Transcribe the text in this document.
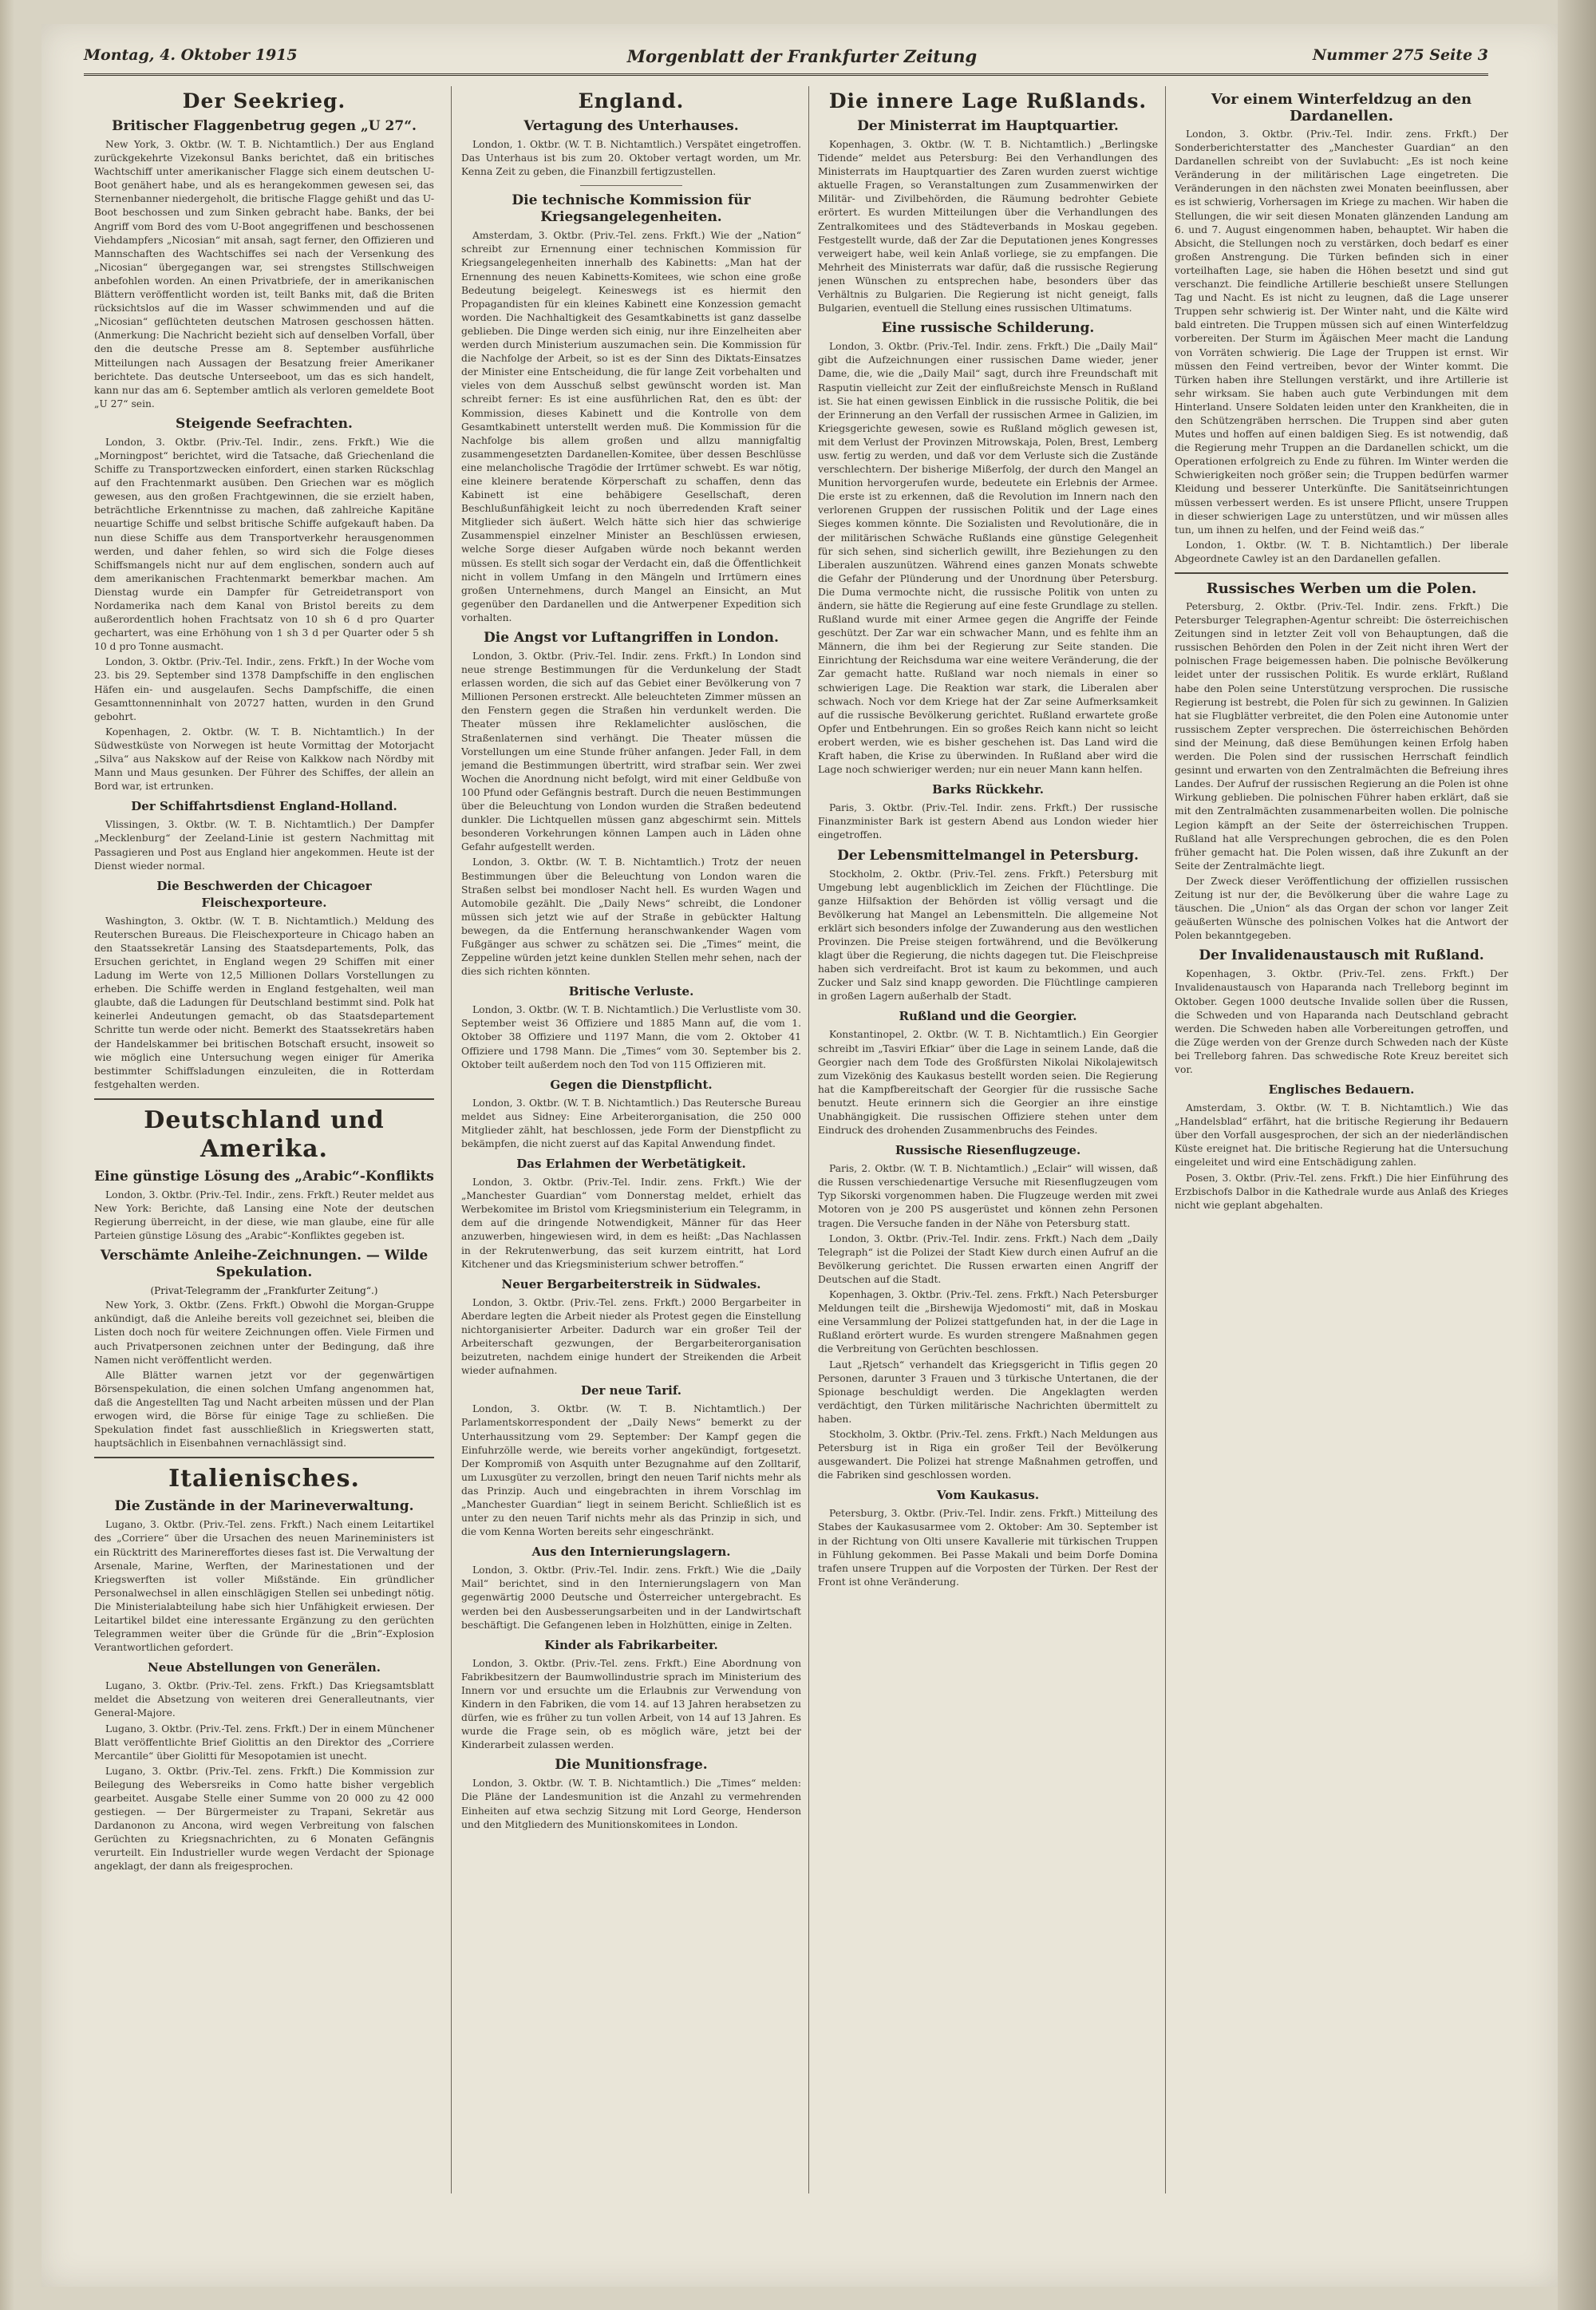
Montag, 4. Oktober 1915	Morgenblatt der Frankfurter Zeitung	Nummer 275 Seite 3
Der Seekrieg.
Britischer Flaggenbetrug gegen „U 27“.

New York, 3. Oktbr. (W. T. B. Nichtamtlich.) Der aus England zurückgekehrte Vizekonsul Banks berichtet, daß ein britisches Wachtschiff unter amerikanischer Flagge sich einem deutschen U-Boot genähert habe, und als es herangekommen gewesen sei, das Sternenbanner niedergeholt, die britische Flagge gehißt und das U-Boot beschossen und zum Sinken gebracht habe. Banks, der bei Angriff vom Bord des vom U-Boot angegriffenen und beschossenen Viehdampfers „Nicosian“ mit ansah, sagt ferner, den Offizieren und Mannschaften des Wachtschiffes sei nach der Versenkung des „Nicosian“ übergegangen war, sei strengstes Stillschweigen anbefohlen worden. An einen Privatbriefe, der in amerikanischen Blättern veröffentlicht worden ist, teilt Banks mit, daß die Briten rücksichtslos auf die im Wasser schwimmenden und auf die „Nicosian“ geflüchteten deutschen Matrosen geschossen hätten. (Anmerkung: Die Nachricht bezieht sich auf denselben Vorfall, über den die deutsche Presse am 8. September ausführliche Mitteilungen nach Aussagen der Besatzung freier Amerikaner berichtete. Das deutsche Unterseeboot, um das es sich handelt, kann nur das am 6. September amtlich als verloren gemeldete Boot „U 27“ sein.

Steigende Seefrachten.

London, 3. Oktbr. (Priv.-Tel. Indir., zens. Frkft.) Wie die „Morningpost“ berichtet, wird die Tatsache, daß Griechenland die Schiffe zu Transportzwecken einfordert, einen starken Rückschlag auf den Frachtenmarkt ausüben. Den Griechen war es möglich gewesen, aus den großen Frachtgewinnen, die sie erzielt haben, beträchtliche Erkenntnisse zu machen, daß zahlreiche Kapitäne neuartige Schiffe und selbst britische Schiffe aufgekauft haben. Da nun diese Schiffe aus dem Transportverkehr herausgenommen werden, und daher fehlen, so wird sich die Folge dieses Schiffsmangels nicht nur auf dem englischen, sondern auch auf dem amerikanischen Frachtenmarkt bemerkbar machen. Am Dienstag wurde ein Dampfer für Getreidetransport von Nordamerika nach dem Kanal von Bristol bereits zu dem außerordentlich hohen Frachtsatz von 10 sh 6 d pro Quarter gechartert, was eine Erhöhung von 1 sh 3 d per Quarter oder 5 sh 10 d pro Tonne ausmacht.

London, 3. Oktbr. (Priv.-Tel. Indir., zens. Frkft.) In der Woche vom 23. bis 29. September sind 1378 Dampfschiffe in den englischen Häfen ein- und ausgelaufen. Sechs Dampfschiffe, die einen Gesamttonnenninhalt von 20727 hatten, wurden in den Grund gebohrt.

Kopenhagen, 2. Oktbr. (W. T. B. Nichtamtlich.) In der Südwestküste von Norwegen ist heute Vormittag der Motorjacht „Silva“ aus Nakskow auf der Reise von Kalkkow nach Nördby mit Mann und Maus gesunken. Der Führer des Schiffes, der allein an Bord war, ist ertrunken.

Der Schiffahrtsdienst England-Holland.

Vlissingen, 3. Oktbr. (W. T. B. Nichtamtlich.) Der Dampfer „Mecklenburg“ der Zeeland-Linie ist gestern Nachmittag mit Passagieren und Post aus England hier angekommen. Heute ist der Dienst wieder normal.

Die Beschwerden der Chicagoer Fleischexporteure.

Washington, 3. Oktbr. (W. T. B. Nichtamtlich.) Meldung des Reuterschen Bureaus. Die Fleischexporteure in Chicago haben an den Staatssekretär Lansing des Staatsdepartements, Polk, das Ersuchen gerichtet, in England wegen 29 Schiffen mit einer Ladung im Werte von 12,5 Millionen Dollars Vorstellungen zu erheben. Die Schiffe werden in England festgehalten, weil man glaubte, daß die Ladungen für Deutschland bestimmt sind. Polk hat keinerlei Andeutungen gemacht, ob das Staatsdepartement Schritte tun werde oder nicht. Bemerkt des Staatssekretärs haben der Handelskammer bei britischen Botschaft ersucht, insoweit so wie möglich eine Untersuchung wegen einiger für Amerika bestimmter Schiffsladungen einzuleiten, die in Rotterdam festgehalten werden.

Deutschland und Amerika.
Eine günstige Lösung des „Arabic“-Konflikts

London, 3. Oktbr. (Priv.-Tel. Indir., zens. Frkft.) Reuter meldet aus New York: Berichte, daß Lansing eine Note der deutschen Regierung überreicht, in der diese, wie man glaube, eine für alle Parteien günstige Lösung des „Arabic“-Konfliktes gegeben ist.

Verschämte Anleihe-Zeichnungen. — Wilde Spekulation.
(Privat-Telegramm der „Frankfurter Zeitung“.)

New York, 3. Oktbr. (Zens. Frkft.) Obwohl die Morgan-Gruppe ankündigt, daß die Anleihe bereits voll gezeichnet sei, bleiben die Listen doch noch für weitere Zeichnungen offen. Viele Firmen und auch Privatpersonen zeichnen unter der Bedingung, daß ihre Namen nicht veröffentlicht werden.

Alle Blätter warnen jetzt vor der gegenwärtigen Börsenspekulation, die einen solchen Umfang angenommen hat, daß die Angestellten Tag und Nacht arbeiten müssen und der Plan erwogen wird, die Börse für einige Tage zu schließen. Die Spekulation findet fast ausschließlich in Kriegswerten statt, hauptsächlich in Eisenbahnen vernachlässigt sind.

Italienisches.
Die Zustände in der Marineverwaltung.

Lugano, 3. Oktbr. (Priv.-Tel. zens. Frkft.) Nach einem Leitartikel des „Corriere“ über die Ursachen des neuen Marineministers ist ein Rücktritt des Marinereffortes dieses fast ist. Die Verwaltung der Arsenale, Marine, Werften, der Marinestationen und der Kriegswerften ist voller Mißstände. Ein gründlicher Personalwechsel in allen einschlägigen Stellen sei unbedingt nötig. Die Ministerialabteilung habe sich hier Unfähigkeit erwiesen. Der Leitartikel bildet eine interessante Ergänzung zu den gerüchten Telegrammen weiter über die Gründe für die „Brin“-Explosion Verantwortlichen gefordert.

Neue Abstellungen von Generälen.

Lugano, 3. Oktbr. (Priv.-Tel. zens. Frkft.) Das Kriegsamtsblatt meldet die Absetzung von weiteren drei Generalleutnants, vier General-Majore.

Lugano, 3. Oktbr. (Priv.-Tel. zens. Frkft.) Der in einem Münchener Blatt veröffentlichte Brief Giolittis an den Direktor des „Corriere Mercantile“ über Giolitti für Mesopotamien ist unecht.

Lugano, 3. Oktbr. (Priv.-Tel. zens. Frkft.) Die Kommission zur Beilegung des Webersreiks in Como hatte bisher vergeblich gearbeitet. Ausgabe Stelle einer Summe von 20 000 zu 42 000 gestiegen. — Der Bürgermeister zu Trapani, Sekretär aus Dardanonon zu Ancona, wird wegen Verbreitung von falschen Gerüchten zu Kriegsnachrichten, zu 6 Monaten Gefängnis verurteilt. Ein Industrieller wurde wegen Verdacht der Spionage angeklagt, der dann als freigesprochen.

England.
Vertagung des Unterhauses.

London, 1. Oktbr. (W. T. B. Nichtamtlich.) Verspätet eingetroffen. Das Unterhaus ist bis zum 20. Oktober vertagt worden, um Mr. Kenna Zeit zu geben, die Finanzbill fertigzustellen.

Die technische Kommission für Kriegsangelegenheiten.

Amsterdam, 3. Oktbr. (Priv.-Tel. zens. Frkft.) Wie der „Nation“ schreibt zur Ernennung einer technischen Kommission für Kriegsangelegenheiten innerhalb des Kabinetts: „Man hat der Ernennung des neuen Kabinetts-Komitees, wie schon eine große Bedeutung beigelegt. Keineswegs ist es hiermit den Propagandisten für ein kleines Kabinett eine Konzession gemacht worden. Die Nachhaltigkeit des Gesamtkabinetts ist ganz dasselbe geblieben. Die Dinge werden sich einig, nur ihre Einzelheiten aber werden durch Ministerium auszumachen sein. Die Kommission für die Nachfolge der Arbeit, so ist es der Sinn des Diktats-Einsatzes der Minister eine Entscheidung, die für lange Zeit vorbehalten und vieles von dem Ausschuß selbst gewünscht worden ist. Man schreibt ferner: Es ist eine ausführlichen Rat, den es übt: der Kommission, dieses Kabinett und die Kontrolle von dem Gesamtkabinett unterstellt werden muß. Die Kommission für die Nachfolge bis allem großen und allzu mannigfaltig zusammengesetzten Dardanellen-Komitee, über dessen Beschlüsse eine melancholische Tragödie der Irrtümer schwebt. Es war nötig, eine kleinere beratende Körperschaft zu schaffen, denn das Kabinett ist eine behäbigere Gesellschaft, deren Beschlußunfähigkeit leicht zu noch überredenden Kraft seiner Mitglieder sich äußert. Welch hätte sich hier das schwierige Zusammenspiel einzelner Minister an Beschlüssen erwiesen, welche Sorge dieser Aufgaben würde noch bekannt werden müssen. Es stellt sich sogar der Verdacht ein, daß die Öffentlichkeit nicht in vollem Umfang in den Mängeln und Irrtümern eines großen Unternehmens, durch Mangel an Einsicht, an Mut gegenüber den Dardanellen und die Antwerpener Expedition sich vorhalten.

Die Angst vor Luftangriffen in London.

London, 3. Oktbr. (Priv.-Tel. Indir. zens. Frkft.) In London sind neue strenge Bestimmungen für die Verdunkelung der Stadt erlassen worden, die sich auf das Gebiet einer Bevölkerung von 7 Millionen Personen erstreckt. Alle beleuchteten Zimmer müssen an den Fenstern gegen die Straßen hin verdunkelt werden. Die Theater müssen ihre Reklamelichter auslöschen, die Straßenlaternen sind verhängt. Die Theater müssen die Vorstellungen um eine Stunde früher anfangen. Jeder Fall, in dem jemand die Bestimmungen übertritt, wird strafbar sein. Wer zwei Wochen die Anordnung nicht befolgt, wird mit einer Geldbuße von 100 Pfund oder Gefängnis bestraft. Durch die neuen Bestimmungen über die Beleuchtung von London wurden die Straßen bedeutend dunkler. Die Lichtquellen müssen ganz abgeschirmt sein. Mittels besonderen Vorkehrungen können Lampen auch in Läden ohne Gefahr aufgestellt werden.

London, 3. Oktbr. (W. T. B. Nichtamtlich.) Trotz der neuen Bestimmungen über die Beleuchtung von London waren die Straßen selbst bei mondloser Nacht hell. Es wurden Wagen und Automobile gezählt. Die „Daily News“ schreibt, die Londoner müssen sich jetzt wie auf der Straße in gebückter Haltung bewegen, da die Entfernung heranschwankender Wagen vom Fußgänger aus schwer zu schätzen sei. Die „Times“ meint, die Zeppeline würden jetzt keine dunklen Stellen mehr sehen, nach der dies sich richten könnten.

Britische Verluste.

London, 3. Oktbr. (W. T. B. Nichtamtlich.) Die Verlustliste vom 30. September weist 36 Offiziere und 1885 Mann auf, die vom 1. Oktober 38 Offiziere und 1197 Mann, die vom 2. Oktober 41 Offiziere und 1798 Mann. Die „Times“ vom 30. September bis 2. Oktober teilt außerdem noch den Tod von 115 Offizieren mit.

Gegen die Dienstpflicht.

London, 3. Oktbr. (W. T. B. Nichtamtlich.) Das Reutersche Bureau meldet aus Sidney: Eine Arbeiterorganisation, die 250 000 Mitglieder zählt, hat beschlossen, jede Form der Dienstpflicht zu bekämpfen, die nicht zuerst auf das Kapital Anwendung findet.

Das Erlahmen der Werbetätigkeit.

London, 3. Oktbr. (Priv.-Tel. Indir. zens. Frkft.) Wie der „Manchester Guardian“ vom Donnerstag meldet, erhielt das Werbekomitee im Bristol vom Kriegsministerium ein Telegramm, in dem auf die dringende Notwendigkeit, Männer für das Heer anzuwerben, hingewiesen wird, in dem es heißt: „Das Nachlassen in der Rekrutenwerbung, das seit kurzem eintritt, hat Lord Kitchener und das Kriegsministerium schwer betroffen.“

Neuer Bergarbeiterstreik in Südwales.

London, 3. Oktbr. (Priv.-Tel. zens. Frkft.) 2000 Bergarbeiter in Aberdare legten die Arbeit nieder als Protest gegen die Einstellung nichtorganisierter Arbeiter. Dadurch war ein großer Teil der Arbeiterschaft gezwungen, der Bergarbeiterorganisation beizutreten, nachdem einige hundert der Streikenden die Arbeit wieder aufnahmen.

Der neue Tarif.

London, 3. Oktbr. (W. T. B. Nichtamtlich.) Der Parlamentskorrespondent der „Daily News“ bemerkt zu der Unterhaussitzung vom 29. September: Der Kampf gegen die Einfuhrzölle werde, wie bereits vorher angekündigt, fortgesetzt. Der Kompromiß von Asquith unter Bezugnahme auf den Zolltarif, um Luxusgüter zu verzollen, bringt den neuen Tarif nichts mehr als das Prinzip. Auch und eingebrachten in ihrem Vorschlag im „Manchester Guardian“ liegt in seinem Bericht. Schließlich ist es unter zu den neuen Tarif nichts mehr als das Prinzip in sich, und die vom Kenna Worten bereits sehr eingeschränkt.

Aus den Internierungslagern.

London, 3. Oktbr. (Priv.-Tel. Indir. zens. Frkft.) Wie die „Daily Mail“ berichtet, sind in den Internierungslagern von Man gegenwärtig 2000 Deutsche und Österreicher untergebracht. Es werden bei den Ausbesserungsarbeiten und in der Landwirtschaft beschäftigt. Die Gefangenen leben in Holzhütten, einige in Zelten.

Kinder als Fabrikarbeiter.

London, 3. Oktbr. (Priv.-Tel. zens. Frkft.) Eine Abordnung von Fabrikbesitzern der Baumwollindustrie sprach im Ministerium des Innern vor und ersuchte um die Erlaubnis zur Verwendung von Kindern in den Fabriken, die vom 14. auf 13 Jahren herabsetzen zu dürfen, wie es früher zu tun vollen Arbeit, von 14 auf 13 Jahren. Es wurde die Frage sein, ob es möglich wäre, jetzt bei der Kinderarbeit zulassen werden.

Die Munitionsfrage.

London, 3. Oktbr. (W. T. B. Nichtamtlich.) Die „Times“ melden: Die Pläne der Landesmunition ist die Anzahl zu vermehrenden Einheiten auf etwa sechzig Sitzung mit Lord George, Henderson und den Mitgliedern des Munitionskomitees in London.

Die innere Lage Rußlands.
Der Ministerrat im Hauptquartier.

Kopenhagen, 3. Oktbr. (W. T. B. Nichtamtlich.) „Berlingske Tidende“ meldet aus Petersburg: Bei den Verhandlungen des Ministerrats im Hauptquartier des Zaren wurden zuerst wichtige aktuelle Fragen, so Veranstaltungen zum Zusammenwirken der Militär- und Zivilbehörden, die Räumung bedrohter Gebiete erörtert. Es wurden Mitteilungen über die Verhandlungen des Zentralkomitees und des Städteverbands in Moskau gegeben. Festgestellt wurde, daß der Zar die Deputationen jenes Kongresses verweigert habe, weil kein Anlaß vorliege, sie zu empfangen. Die Mehrheit des Ministerrats war dafür, daß die russische Regierung jenen Wünschen zu entsprechen habe, besonders über das Verhältnis zu Bulgarien. Die Regierung ist nicht geneigt, falls Bulgarien, eventuell die Stellung eines russischen Ultimatums.

Eine russische Schilderung.

London, 3. Oktbr. (Priv.-Tel. Indir. zens. Frkft.) Die „Daily Mail“ gibt die Aufzeichnungen einer russischen Dame wieder, jener Dame, die, wie die „Daily Mail“ sagt, durch ihre Freundschaft mit Rasputin vielleicht zur Zeit der einflußreichste Mensch in Rußland ist. Sie hat einen gewissen Einblick in die russische Politik, die bei der Erinnerung an den Verfall der russischen Armee in Galizien, im Kriegsgerichte gewesen, sowie es Rußland möglich gewesen ist, mit dem Verlust der Provinzen Mitrowskaja, Polen, Brest, Lemberg usw. fertig zu werden, und daß vor dem Verluste sich die Zustände verschlechtern. Der bisherige Mißerfolg, der durch den Mangel an Munition hervorgerufen wurde, bedeutete ein Erlebnis der Armee. Die erste ist zu erkennen, daß die Revolution im Innern nach den verlorenen Gruppen der russischen Politik und der Lage eines Sieges kommen könnte. Die Sozialisten und Revolutionäre, die in der militärischen Schwäche Rußlands eine günstige Gelegenheit für sich sehen, sind sicherlich gewillt, ihre Beziehungen zu den Liberalen auszunützen. Während eines ganzen Monats schwebte die Gefahr der Plünderung und der Unordnung über Petersburg. Die Duma vermochte nicht, die russische Politik von unten zu ändern, sie hätte die Regierung auf eine feste Grundlage zu stellen. Rußland wurde mit einer Armee gegen die Angriffe der Feinde geschützt. Der Zar war ein schwacher Mann, und es fehlte ihm an Männern, die ihm bei der Regierung zur Seite standen. Die Einrichtung der Reichsduma war eine weitere Veränderung, die der Zar gemacht hatte. Rußland war noch niemals in einer so schwierigen Lage. Die Reaktion war stark, die Liberalen aber schwach. Noch vor dem Kriege hat der Zar seine Aufmerksamkeit auf die russische Bevölkerung gerichtet. Rußland erwartete große Opfer und Entbehrungen. Ein so großes Reich kann nicht so leicht erobert werden, wie es bisher geschehen ist. Das Land wird die Kraft haben, die Krise zu überwinden. In Rußland aber wird die Lage noch schwieriger werden; nur ein neuer Mann kann helfen.

Barks Rückkehr.

Paris, 3. Oktbr. (Priv.-Tel. Indir. zens. Frkft.) Der russische Finanzminister Bark ist gestern Abend aus London wieder hier eingetroffen.

Der Lebensmittelmangel in Petersburg.

Stockholm, 2. Oktbr. (Priv.-Tel. zens. Frkft.) Petersburg mit Umgebung lebt augenblicklich im Zeichen der Flüchtlinge. Die ganze Hilfsaktion der Behörden ist völlig versagt und die Bevölkerung hat Mangel an Lebensmitteln. Die allgemeine Not erklärt sich besonders infolge der Zuwanderung aus den westlichen Provinzen. Die Preise steigen fortwährend, und die Bevölkerung klagt über die Regierung, die nichts dagegen tut. Die Fleischpreise haben sich verdreifacht. Brot ist kaum zu bekommen, und auch Zucker und Salz sind knapp geworden. Die Flüchtlinge campieren in großen Lagern außerhalb der Stadt.

Rußland und die Georgier.

Konstantinopel, 2. Oktbr. (W. T. B. Nichtamtlich.) Ein Georgier schreibt im „Tasviri Efkiar“ über die Lage in seinem Lande, daß die Georgier nach dem Tode des Großfürsten Nikolai Nikolajewitsch zum Vizekönig des Kaukasus bestellt worden seien. Die Regierung hat die Kampfbereitschaft der Georgier für die russische Sache benutzt. Heute erinnern sich die Georgier an ihre einstige Unabhängigkeit. Die russischen Offiziere stehen unter dem Eindruck des drohenden Zusammenbruchs des Feindes.

Russische Riesenflugzeuge.

Paris, 2. Oktbr. (W. T. B. Nichtamtlich.) „Eclair“ will wissen, daß die Russen verschiedenartige Versuche mit Riesenflugzeugen vom Typ Sikorski vorgenommen haben. Die Flugzeuge werden mit zwei Motoren von je 200 PS ausgerüstet und können zehn Personen tragen. Die Versuche fanden in der Nähe von Petersburg statt.

London, 3. Oktbr. (Priv.-Tel. Indir. zens. Frkft.) Nach dem „Daily Telegraph“ ist die Polizei der Stadt Kiew durch einen Aufruf an die Bevölkerung gerichtet. Die Russen erwarten einen Angriff der Deutschen auf die Stadt.

Kopenhagen, 3. Oktbr. (Priv.-Tel. zens. Frkft.) Nach Petersburger Meldungen teilt die „Birshewija Wjedomosti“ mit, daß in Moskau eine Versammlung der Polizei stattgefunden hat, in der die Lage in Rußland erörtert wurde. Es wurden strengere Maßnahmen gegen die Verbreitung von Gerüchten beschlossen.

Laut „Rjetsch“ verhandelt das Kriegsgericht in Tiflis gegen 20 Personen, darunter 3 Frauen und 3 türkische Untertanen, die der Spionage beschuldigt werden. Die Angeklagten werden verdächtigt, den Türken militärische Nachrichten übermittelt zu haben.

Stockholm, 3. Oktbr. (Priv.-Tel. zens. Frkft.) Nach Meldungen aus Petersburg ist in Riga ein großer Teil der Bevölkerung ausgewandert. Die Polizei hat strenge Maßnahmen getroffen, und die Fabriken sind geschlossen worden.

Vom Kaukasus.

Petersburg, 3. Oktbr. (Priv.-Tel. Indir. zens. Frkft.) Mitteilung des Stabes der Kaukasusarmee vom 2. Oktober: Am 30. September ist in der Richtung von Olti unsere Kavallerie mit türkischen Truppen in Fühlung gekommen. Bei Passe Makali und beim Dorfe Domina trafen unsere Truppen auf die Vorposten der Türken. Der Rest der Front ist ohne Veränderung.

Vor einem Winterfeldzug an den Dardanellen.

London, 3. Oktbr. (Priv.-Tel. Indir. zens. Frkft.) Der Sonderberichterstatter des „Manchester Guardian“ an den Dardanellen schreibt von der Suvlabucht: „Es ist noch keine Veränderung in der militärischen Lage eingetreten. Die Veränderungen in den nächsten zwei Monaten beeinflussen, aber es ist schwierig, Vorhersagen im Kriege zu machen. Wir haben die Stellungen, die wir seit diesen Monaten glänzenden Landung am 6. und 7. August eingenommen haben, behauptet. Wir haben die Absicht, die Stellungen noch zu verstärken, doch bedarf es einer großen Anstrengung. Die Türken befinden sich in einer vorteilhaften Lage, sie haben die Höhen besetzt und sind gut verschanzt. Die feindliche Artillerie beschießt unsere Stellungen Tag und Nacht. Es ist nicht zu leugnen, daß die Lage unserer Truppen sehr schwierig ist. Der Winter naht, und die Kälte wird bald eintreten. Die Truppen müssen sich auf einen Winterfeldzug vorbereiten. Der Sturm im Ägäischen Meer macht die Landung von Vorräten schwierig. Die Lage der Truppen ist ernst. Wir müssen den Feind vertreiben, bevor der Winter kommt. Die Türken haben ihre Stellungen verstärkt, und ihre Artillerie ist sehr wirksam. Sie haben auch gute Verbindungen mit dem Hinterland. Unsere Soldaten leiden unter den Krankheiten, die in den Schützengräben herrschen. Die Truppen sind aber guten Mutes und hoffen auf einen baldigen Sieg. Es ist notwendig, daß die Regierung mehr Truppen an die Dardanellen schickt, um die Operationen erfolgreich zu Ende zu führen. Im Winter werden die Schwierigkeiten noch größer sein; die Truppen bedürfen warmer Kleidung und besserer Unterkünfte. Die Sanitätseinrichtungen müssen verbessert werden. Es ist unsere Pflicht, unsere Truppen in dieser schwierigen Lage zu unterstützen, und wir müssen alles tun, um ihnen zu helfen, und der Feind weiß das.“

London, 1. Oktbr. (W. T. B. Nichtamtlich.) Der liberale Abgeordnete Cawley ist an den Dardanellen gefallen.

Russisches Werben um die Polen.

Petersburg, 2. Oktbr. (Priv.-Tel. Indir. zens. Frkft.) Die Petersburger Telegraphen-Agentur schreibt: Die österreichischen Zeitungen sind in letzter Zeit voll von Behauptungen, daß die russischen Behörden den Polen in der Zeit nicht ihren Wert der polnischen Frage beigemessen haben. Die polnische Bevölkerung leidet unter der russischen Politik. Es wurde erklärt, Rußland habe den Polen seine Unterstützung versprochen. Die russische Regierung ist bestrebt, die Polen für sich zu gewinnen. In Galizien hat sie Flugblätter verbreitet, die den Polen eine Autonomie unter russischem Zepter versprechen. Die österreichischen Behörden sind der Meinung, daß diese Bemühungen keinen Erfolg haben werden. Die Polen sind der russischen Herrschaft feindlich gesinnt und erwarten von den Zentralmächten die Befreiung ihres Landes. Der Aufruf der russischen Regierung an die Polen ist ohne Wirkung geblieben. Die polnischen Führer haben erklärt, daß sie mit den Zentralmächten zusammenarbeiten wollen. Die polnische Legion kämpft an der Seite der österreichischen Truppen. Rußland hat alle Versprechungen gebrochen, die es den Polen früher gemacht hat. Die Polen wissen, daß ihre Zukunft an der Seite der Zentralmächte liegt.

Der Zweck dieser Veröffentlichung der offiziellen russischen Zeitung ist nur der, die Bevölkerung über die wahre Lage zu täuschen. Die „Union“ als das Organ der schon vor langer Zeit geäußerten Wünsche des polnischen Volkes hat die Antwort der Polen bekanntgegeben.

Der Invalidenaustausch mit Rußland.

Kopenhagen, 3. Oktbr. (Priv.-Tel. zens. Frkft.) Der Invalidenaustausch von Haparanda nach Trelleborg beginnt im Oktober. Gegen 1000 deutsche Invalide sollen über die Russen, die Schweden und von Haparanda nach Deutschland gebracht werden. Die Schweden haben alle Vorbereitungen getroffen, und die Züge werden von der Grenze durch Schweden nach der Küste bei Trelleborg fahren. Das schwedische Rote Kreuz bereitet sich vor.

Englisches Bedauern.

Amsterdam, 3. Oktbr. (W. T. B. Nichtamtlich.) Wie das „Handelsblad“ erfährt, hat die britische Regierung ihr Bedauern über den Vorfall ausgesprochen, der sich an der niederländischen Küste ereignet hat. Die britische Regierung hat die Untersuchung eingeleitet und wird eine Entschädigung zahlen.

Posen, 3. Oktbr. (Priv.-Tel. zens. Frkft.) Die hier Einführung des Erzbischofs Dalbor in die Kathedrale wurde aus Anlaß des Krieges nicht wie geplant abgehalten.
